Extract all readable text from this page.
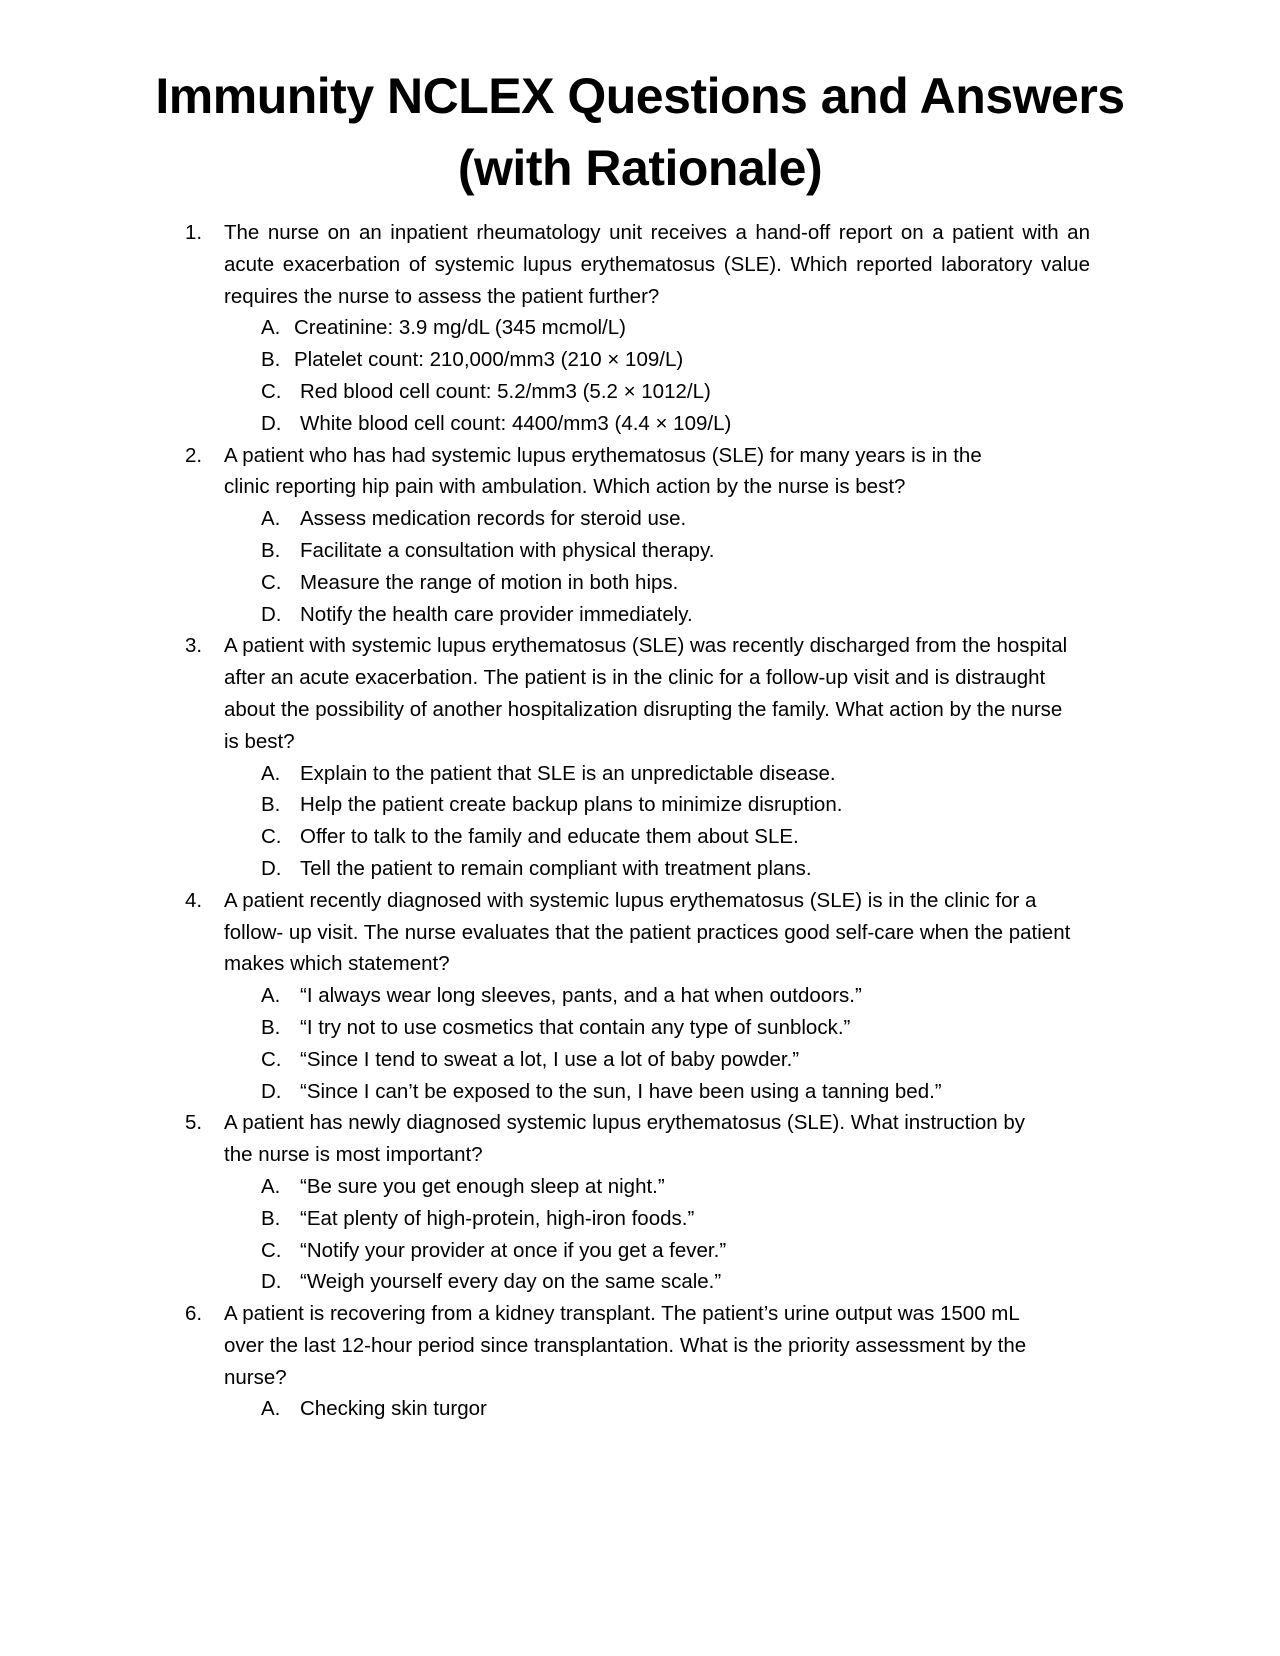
Immunity NCLEX Questions and Answers
(with Rationale)
1. The nurse on an inpatient rheumatology unit receives a hand-off report on a patient with an acute exacerbation of systemic lupus erythematosus (SLE). Which reported laboratory value requires the nurse to assess the patient further?
A. Creatinine: 3.9 mg/dL (345 mcmol/L)
B. Platelet count: 210,000/mm3 (210 × 109/L)
C. Red blood cell count: 5.2/mm3 (5.2 × 1012/L)
D. White blood cell count: 4400/mm3 (4.4 × 109/L)
2. A patient who has had systemic lupus erythematosus (SLE) for many years is in the
clinic reporting hip pain with ambulation. Which action by the nurse is best?
A. Assess medication records for steroid use.
B. Facilitate a consultation with physical therapy.
C. Measure the range of motion in both hips.
D. Notify the health care provider immediately.
3. A patient with systemic lupus erythematosus (SLE) was recently discharged from the hospital
after an acute exacerbation. The patient is in the clinic for a follow-up visit and is distraught
about the possibility of another hospitalization disrupting the family. What action by the nurse
is best?
A. Explain to the patient that SLE is an unpredictable disease.
B. Help the patient create backup plans to minimize disruption.
C. Offer to talk to the family and educate them about SLE.
D. Tell the patient to remain compliant with treatment plans.
4. A patient recently diagnosed with systemic lupus erythematosus (SLE) is in the clinic for a
follow- up visit. The nurse evaluates that the patient practices good self-care when the patient
makes which statement?
A. “I always wear long sleeves, pants, and a hat when outdoors.”
B. “I try not to use cosmetics that contain any type of sunblock.”
C. “Since I tend to sweat a lot, I use a lot of baby powder.”
D. “Since I can’t be exposed to the sun, I have been using a tanning bed.”
5. A patient has newly diagnosed systemic lupus erythematosus (SLE). What instruction by
the nurse is most important?
A. “Be sure you get enough sleep at night.”
B. “Eat plenty of high-protein, high-iron foods.”
C. “Notify your provider at once if you get a fever.”
D. “Weigh yourself every day on the same scale.”
6. A patient is recovering from a kidney transplant. The patient’s urine output was 1500 mL
over the last 12-hour period since transplantation. What is the priority assessment by the
nurse?
A. Checking skin turgor
